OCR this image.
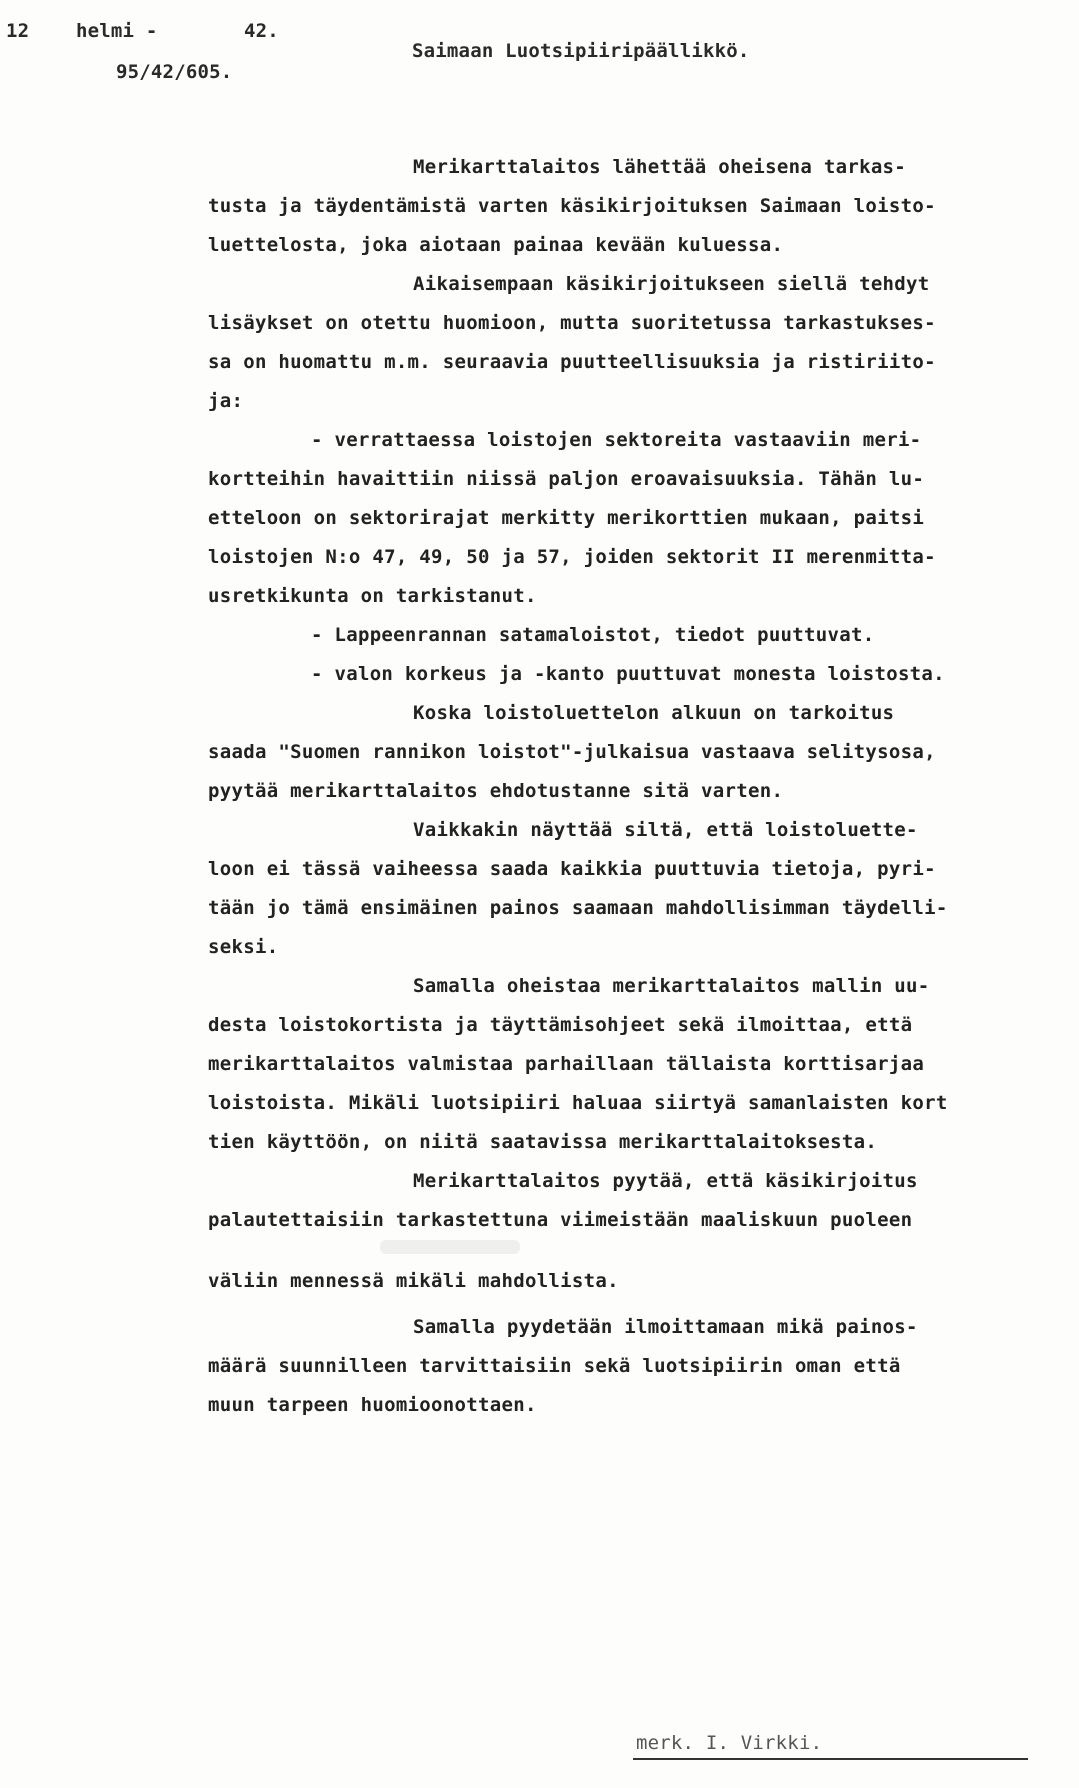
12 helmi -	42.
95/42/605.
Saimaan Luotsipiiripäällikkö.
Merikarttalaitos lähettää oheisena tarkas-
tusta ja täydentämistä varten käsikirjoituksen Saimaan loisto-
luettelosta, joka aiotaan painaa kevään kuluessa.
Aikaisempaan käsikirjoitukseen siellä tehdyt
lisäykset on otettu huomioon, mutta suoritetussa tarkastukses-
sa on huomattu m.m. seuraavia puutteellisuuksia ja ristiriito-
ja:
- verrattaessa loistojen sektoreita vastaaviin meri-
kortteihin havaittiin niissä paljon eroavaisuuksia. Tähän lu-
etteloon on sektorirajat merkitty merikorttien mukaan, paitsi
loistojen N:o 47, 49, 50 ja 57, joiden sektorit II merenmitta-
usretkikunta on tarkistanut.
- Lappeenrannan satamaloistot, tiedot puuttuvat.
- valon korkeus ja -kanto puuttuvat monesta loistosta.
Koska loistoluettelon alkuun on tarkoitus
saada "Suomen rannikon loistot"-julkaisua vastaava selitysosa,
pyytää merikarttalaitos ehdotustanne sitä varten.
Vaikkakin näyttää siltä, että loistoluette-
loon ei tässä vaiheessa saada kaikkia puuttuvia tietoja, pyri-
tään jo tämä ensimäinen painos saamaan mahdollisimman täydelli-
seksi.
Samalla oheistaa merikarttalaitos mallin uu-
desta loistokortista ja täyttämisohjeet sekä ilmoittaa, että
merikarttalaitos valmistaa parhaillaan tällaista korttisarjaa
loistoista. Mikäli luotsipiiri haluaa siirtyä samanlaisten kort
tien käyttöön, on niitä saatavissa merikarttalaitoksesta.
Merikarttalaitos pyytää, että käsikirjoitus
palautettaisiin tarkastettuna viimeistään maaliskuun puoleen
väliin mennessä mikäli mahdollista.
Samalla pyydetään ilmoittamaan mikä painos-
määrä suunnilleen tarvittaisiin sekä luotsipiirin oman että
muun tarpeen huomioonottaen.
merk. I. Virkki.
